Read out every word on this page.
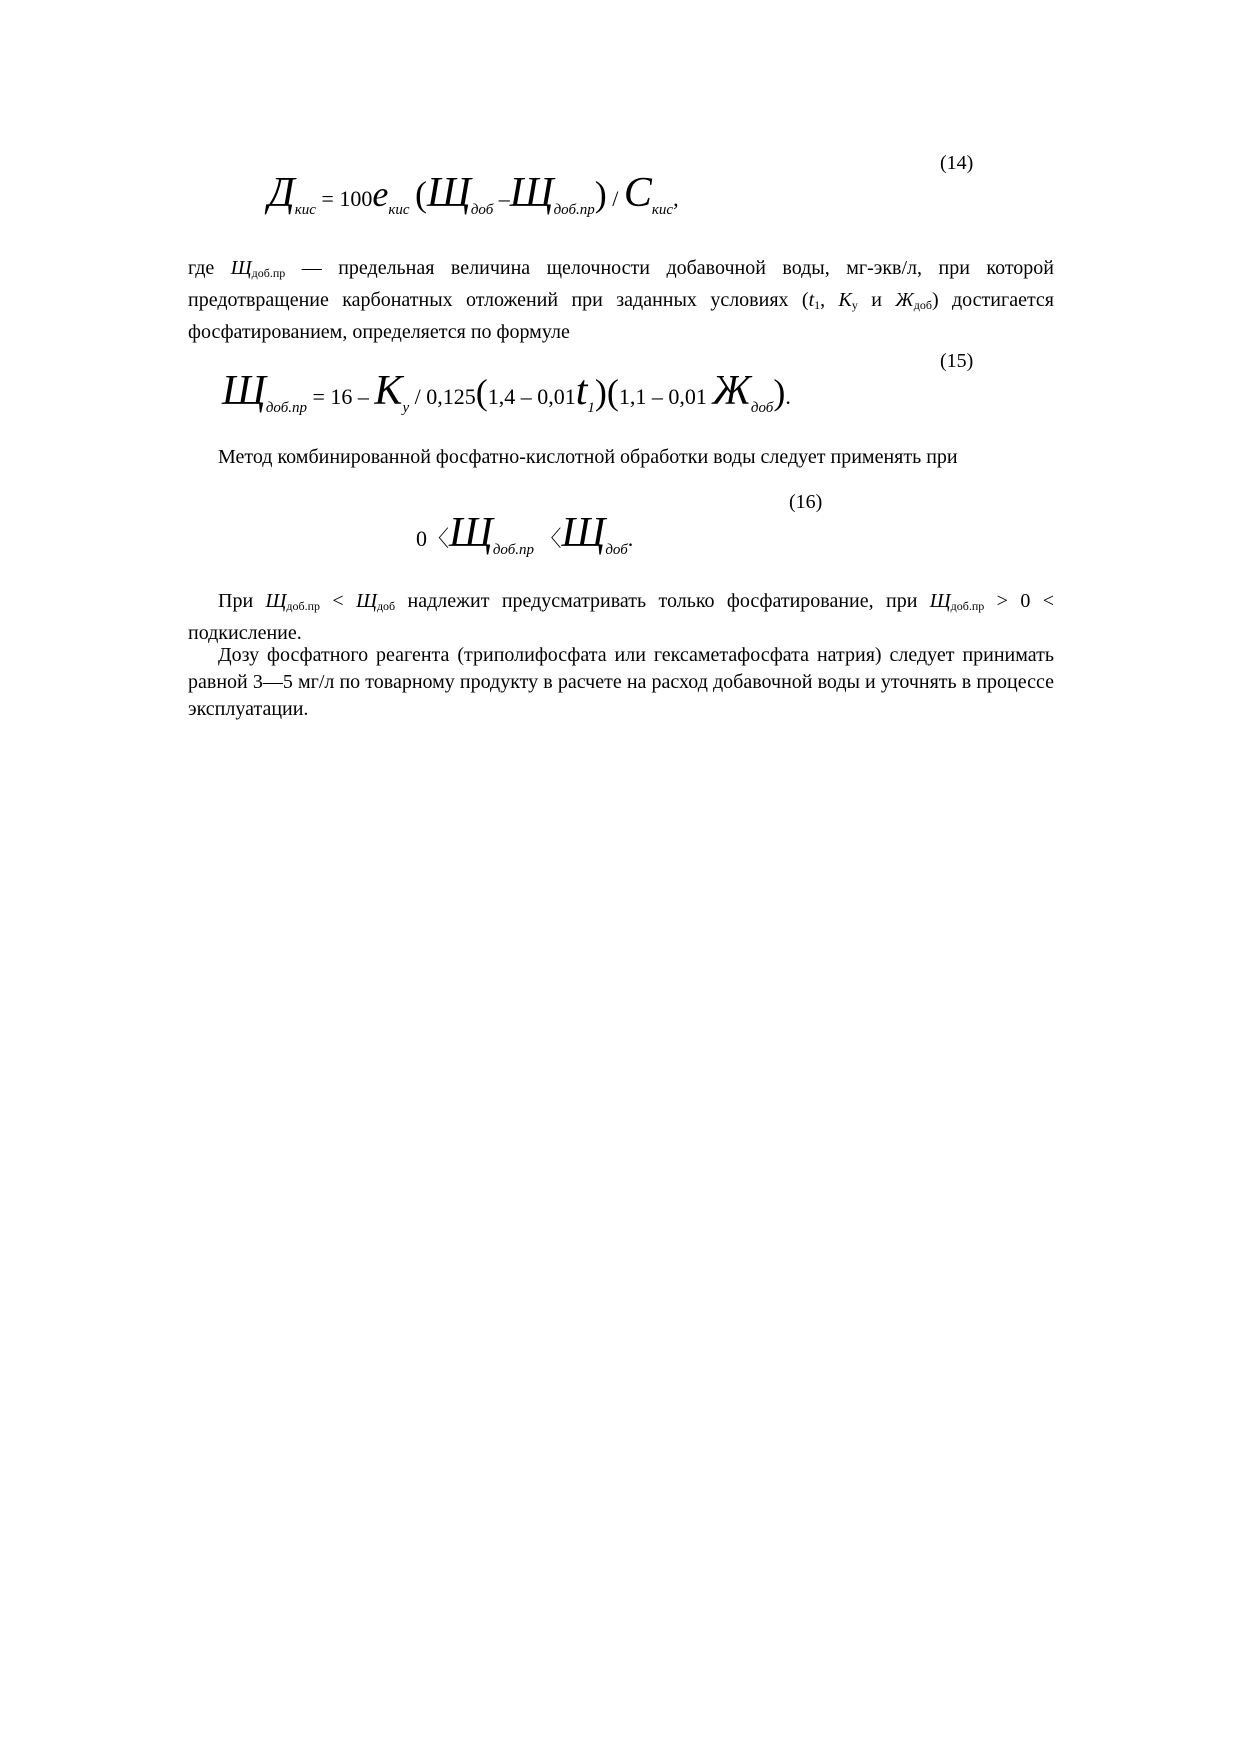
(14)
$Д_{кис} = 100e_{кис}$ ($Щ_{доб}$ $-Щ_{доб.пр}) / C_{кис}$,

где $Щ_{доб.пр}$ — предельная величина щелочности добавочной воды, мг-экв/л, при которой предотвращение карбонатных отложений при заданных условиях ($t_1$, $K_у$ и $Ж_{доб}$) достигается фосфатированием, определяется по формуле

(15)
$Щ_{доб.пр} = 16 - K_у / 0,125(1,4 - 0,01t_1)(1,1 - 0,01$ $Ж_{доб}$).

Метод комбинированной фосфатно-кислотной обработки воды следует применять при

(16)
0〈$Щ_{доб.пр}$ 〈$Щ_{доб}$.

При $Щ_{доб.пр} < Щ_{доб}$ надлежит предусматривать только фосфатирование, при $Щ_{доб.пр} > 0$ < подкисление.

Дозу фосфатного реагента (триполифосфата или гексаметафосфата натрия) следует принимать равной 3—5 мг/л по товарному продукту в расчете на расход добавочной воды и уточнять в процессе эксплуатации.
